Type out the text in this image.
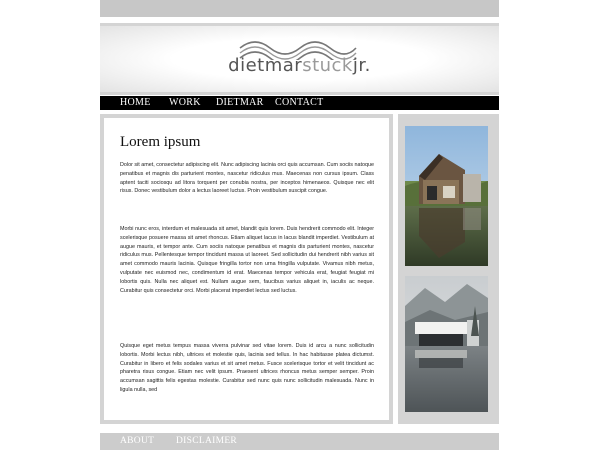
dietmarstuckjr.
HOME WORK DIETMAR CONTACT
Lorem ipsum

Dolor sit amet, consectetur adipiscing elit. Nunc adipiscing lacinia orci quis accumsan. Cum sociis natoque penatibus et magnis dis parturient montes, nascetur ridiculus mus. Maecenas non cursus ipsum. Class aptent taciti sociosqu ad litora torquent per conubia nostra, per inceptos himenaeos. Quisque nec elit risus. Donec vestibulum dolor a lectus laoreet luctus. Proin vestibulum suscipit congue.

Morbi nunc eros, interdum et malesuada sit amet, blandit quis lorem. Duis hendrerit commodo elit. Integer scelerisque posuere massa sit amet rhoncus. Etiam aliquet lacus in lacus blandit imperdiet. Vestibulum at augue mauris, et tempor ante. Cum sociis natoque penatibus et magnis dis parturient montes, nascetur ridiculus mus. Pellentesque tempor tincidunt massa ut laoreet. Sed sollicitudin dui hendrerit nibh varius sit amet commodo mauris lacinia. Quisque fringilla tortor non urna fringilla vulputate. Vivamus nibh metus, vulputate nec euismod nec, condimentum id erat. Maecenas tempor vehicula erat, feugiat feugiat mi lobortis quis. Nulla nec aliquet est. Nullam augue sem, faucibus varius aliquet in, iaculis ac neque. Curabitur quis consectetur orci. Morbi placerat imperdiet lectus sed luctus.

Quisque eget metus tempus massa viverra pulvinar sed vitae lorem. Duis id arcu a nunc sollicitudin lobortis. Morbi lectus nibh, ultrices et molestie quis, lacinia sed tellus. In hac habitasse platea dictumst. Curabitur in libero et felis sodales varius et sit amet metus. Fusce scelerisque tortor et velit tincidunt ac pharetra risus congue. Etiam nec velit ipsum. Praesent ultrices rhoncus metus semper semper. Proin accumsan sagittis felis egestas molestie. Curabitur sed nunc quis nunc sollicitudin malesuada. Nunc in ligula nulla, sed

ABOUT DISCLAIMER
